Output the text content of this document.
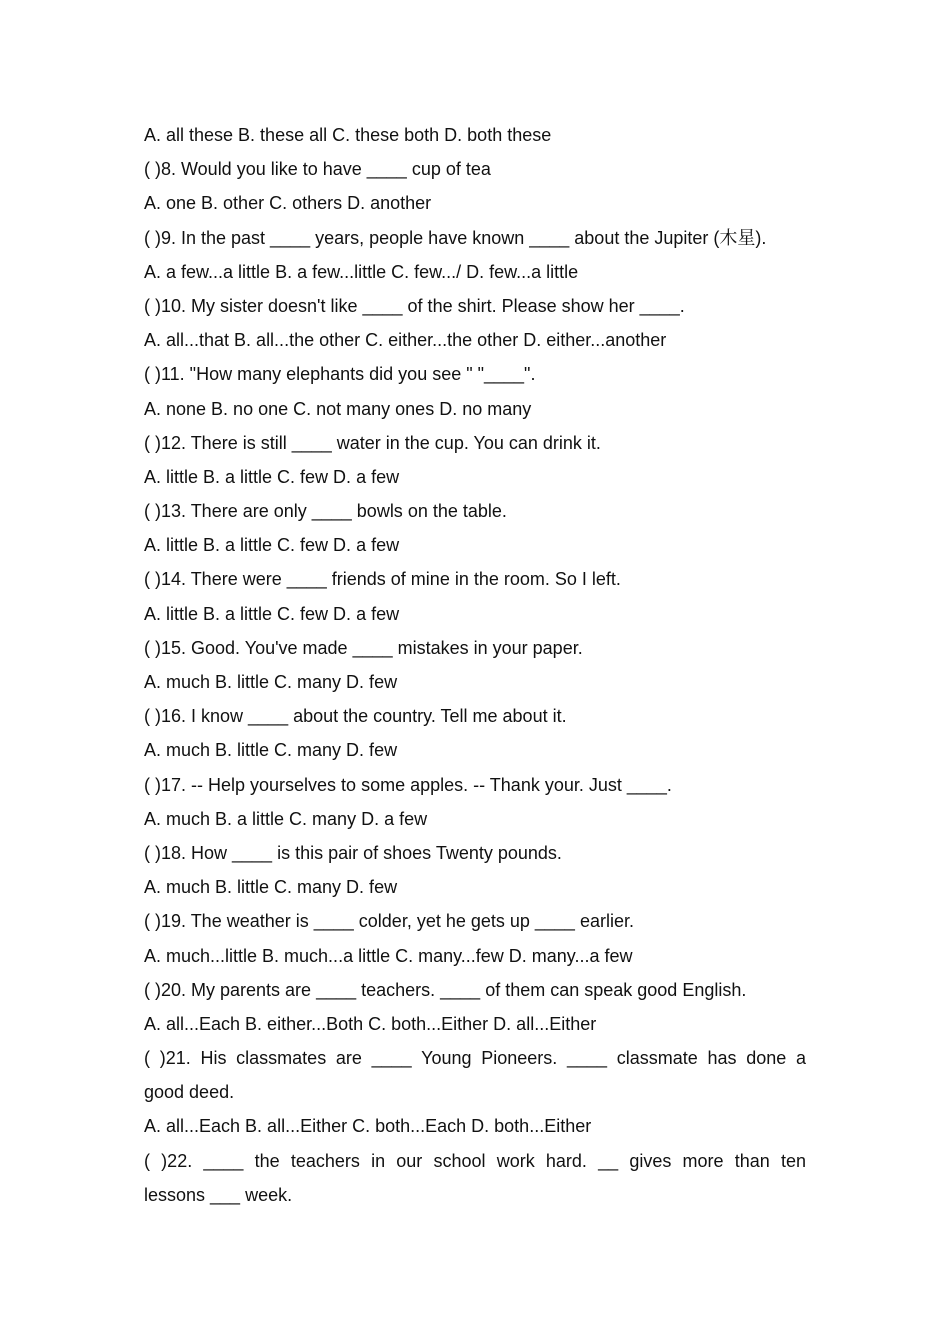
A. all these B. these all C. these both D. both these
( )8. Would you like to have ____ cup of tea
A. one B. other C. others D. another
( )9. In the past ____ years, people have known ____ about the Jupiter (木星).
A. a few...a little B. a few...little C. few.../ D. few...a little
( )10. My sister doesn't like ____ of the shirt. Please show her ____.
A. all...that B. all...the other C. either...the other D. either...another
( )11. "How many elephants did you see " "____".
A. none B. no one C. not many ones D. no many
( )12. There is still ____ water in the cup. You can drink it.
A. little B. a little C. few D. a few
( )13. There are only ____ bowls on the table.
A. little B. a little C. few D. a few
( )14. There were ____ friends of mine in the room. So I left.
A. little B. a little C. few D. a few
( )15. Good. You've made ____ mistakes in your paper.
A. much B. little C. many D. few
( )16. I know ____ about the country. Tell me about it.
A. much B. little C. many D. few
( )17. -- Help yourselves to some apples. -- Thank your. Just ____.
A. much B. a little C. many D. a few
( )18. How ____ is this pair of shoes Twenty pounds.
A. much B. little C. many D. few
( )19. The weather is ____ colder, yet he gets up ____ earlier.
A. much...little B. much...a little C. many...few D. many...a few
( )20. My parents are ____ teachers. ____ of them can speak good English.
A. all...Each B. either...Both C. both...Either D. all...Either
( )21. His classmates are ____ Young Pioneers. ____ classmate has done a
good deed.
A. all...Each B. all...Either C. both...Each D. both...Either
( )22. ____ the teachers in our school work hard. __ gives more than ten
lessons ___ week.
